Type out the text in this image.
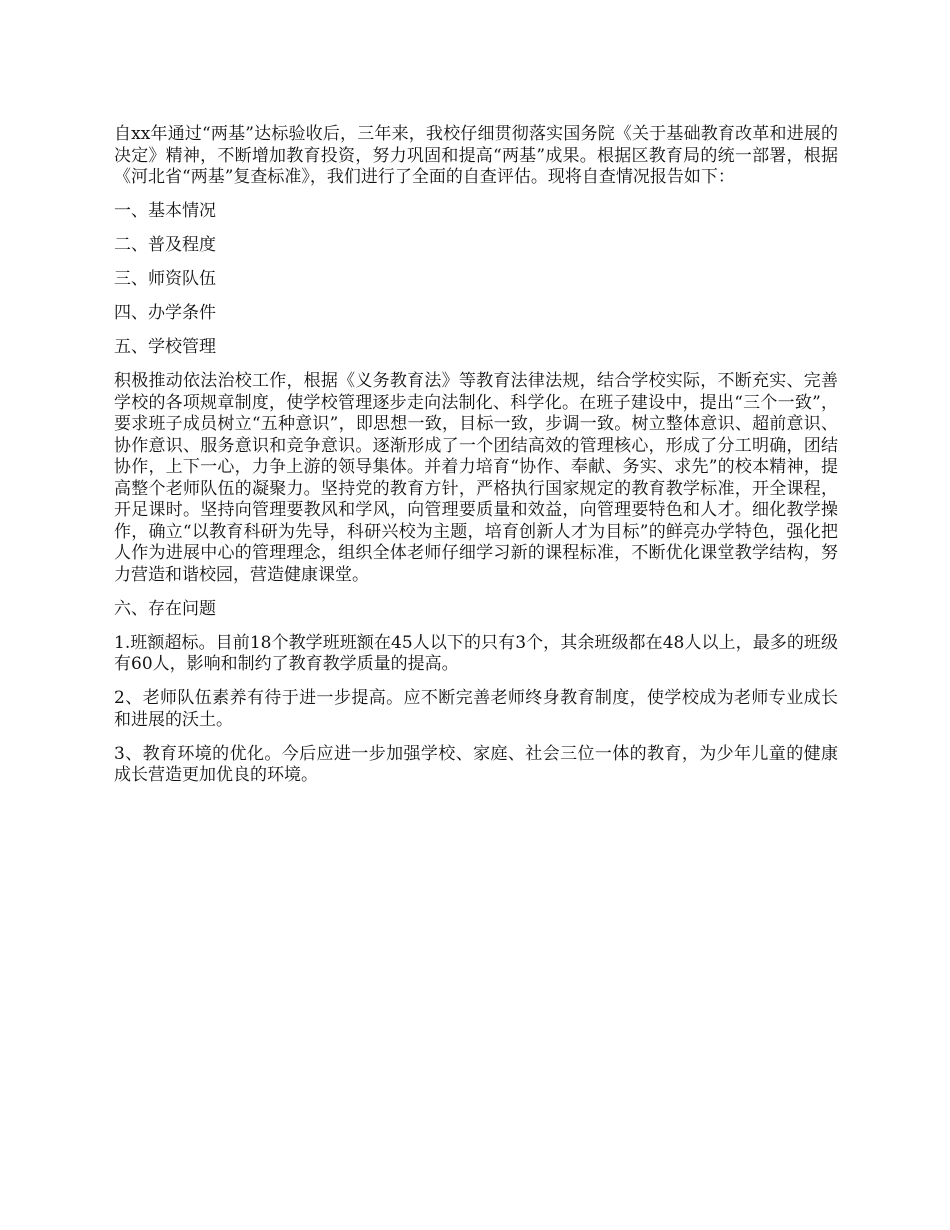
自xx年通过“两基”达标验收后，三年来，我校仔细贯彻落实国务院《关于基础教育改革和进展的决定》精神，不断增加教育投资，努力巩固和提高“两基”成果。根据区教育局的统一部署，根据《河北省“两基”复查标准》，我们进行了全面的自查评估。现将自查情况报告如下：

一、基本情况

二、普及程度

三、师资队伍

四、办学条件

五、学校管理

积极推动依法治校工作，根据《义务教育法》等教育法律法规，结合学校实际，不断充实、完善学校的各项规章制度，使学校管理逐步走向法制化、科学化。在班子建设中，提出“三个一致”，要求班子成员树立“五种意识”，即思想一致，目标一致，步调一致。树立整体意识、超前意识、协作意识、服务意识和竞争意识。逐渐形成了一个团结高效的管理核心，形成了分工明确，团结协作，上下一心，力争上游的领导集体。并着力培育“协作、奉献、务实、求先”的校本精神，提高整个老师队伍的凝聚力。坚持党的教育方针，严格执行国家规定的教育教学标准，开全课程，开足课时。坚持向管理要教风和学风，向管理要质量和效益，向管理要特色和人才。细化教学操作，确立“以教育科研为先导，科研兴校为主题，培育创新人才为目标”的鲜亮办学特色，强化把人作为进展中心的管理理念，组织全体老师仔细学习新的课程标准，不断优化课堂教学结构，努力营造和谐校园，营造健康课堂。

六、存在问题

1.班额超标。目前18个教学班班额在45人以下的只有3个，其余班级都在48人以上，最多的班级有60人，影响和制约了教育教学质量的提高。

2、老师队伍素养有待于进一步提高。应不断完善老师终身教育制度，使学校成为老师专业成长和进展的沃土。

3、教育环境的优化。今后应进一步加强学校、家庭、社会三位一体的教育，为少年儿童的健康成长营造更加优良的环境。
